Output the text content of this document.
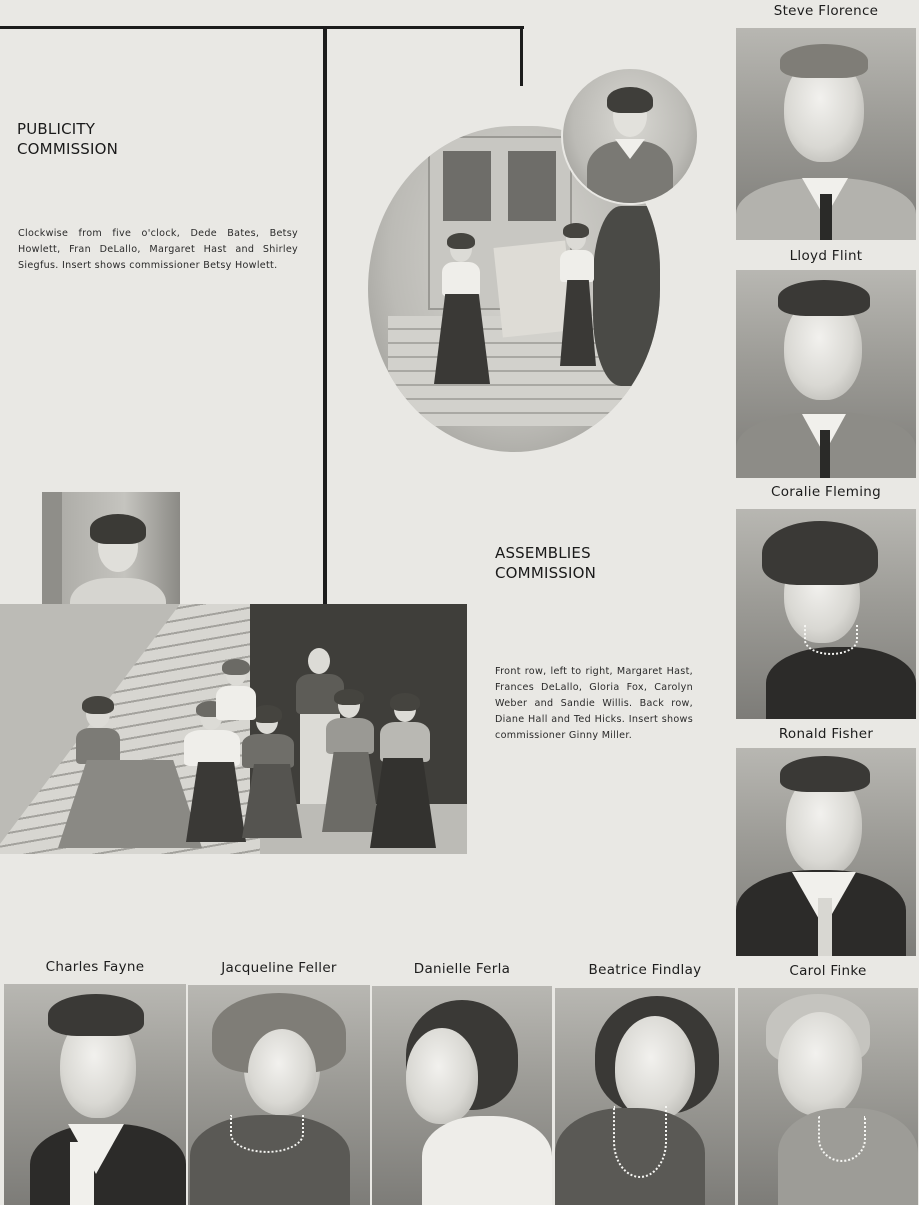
PUBLICITY
COMMISSION
Clockwise from five o'clock, Dede Bates, Betsy Howlett, Fran DeLallo, Margaret Hast and Shirley Siegfus. Insert shows commissioner Betsy Howlett.
ASSEMBLIES
COMMISSION
Front row, left to right, Margaret Hast, Frances DeLallo, Gloria Fox, Carolyn Weber and Sandie Willis. Back row, Diane Hall and Ted Hicks. Insert shows commissioner Ginny Miller.
Steve Florence
Lloyd Flint
Coralie Fleming
Ronald Fisher
Charles Fayne	Jacqueline Feller	Danielle Ferla	Beatrice Findlay	Carol Finke
